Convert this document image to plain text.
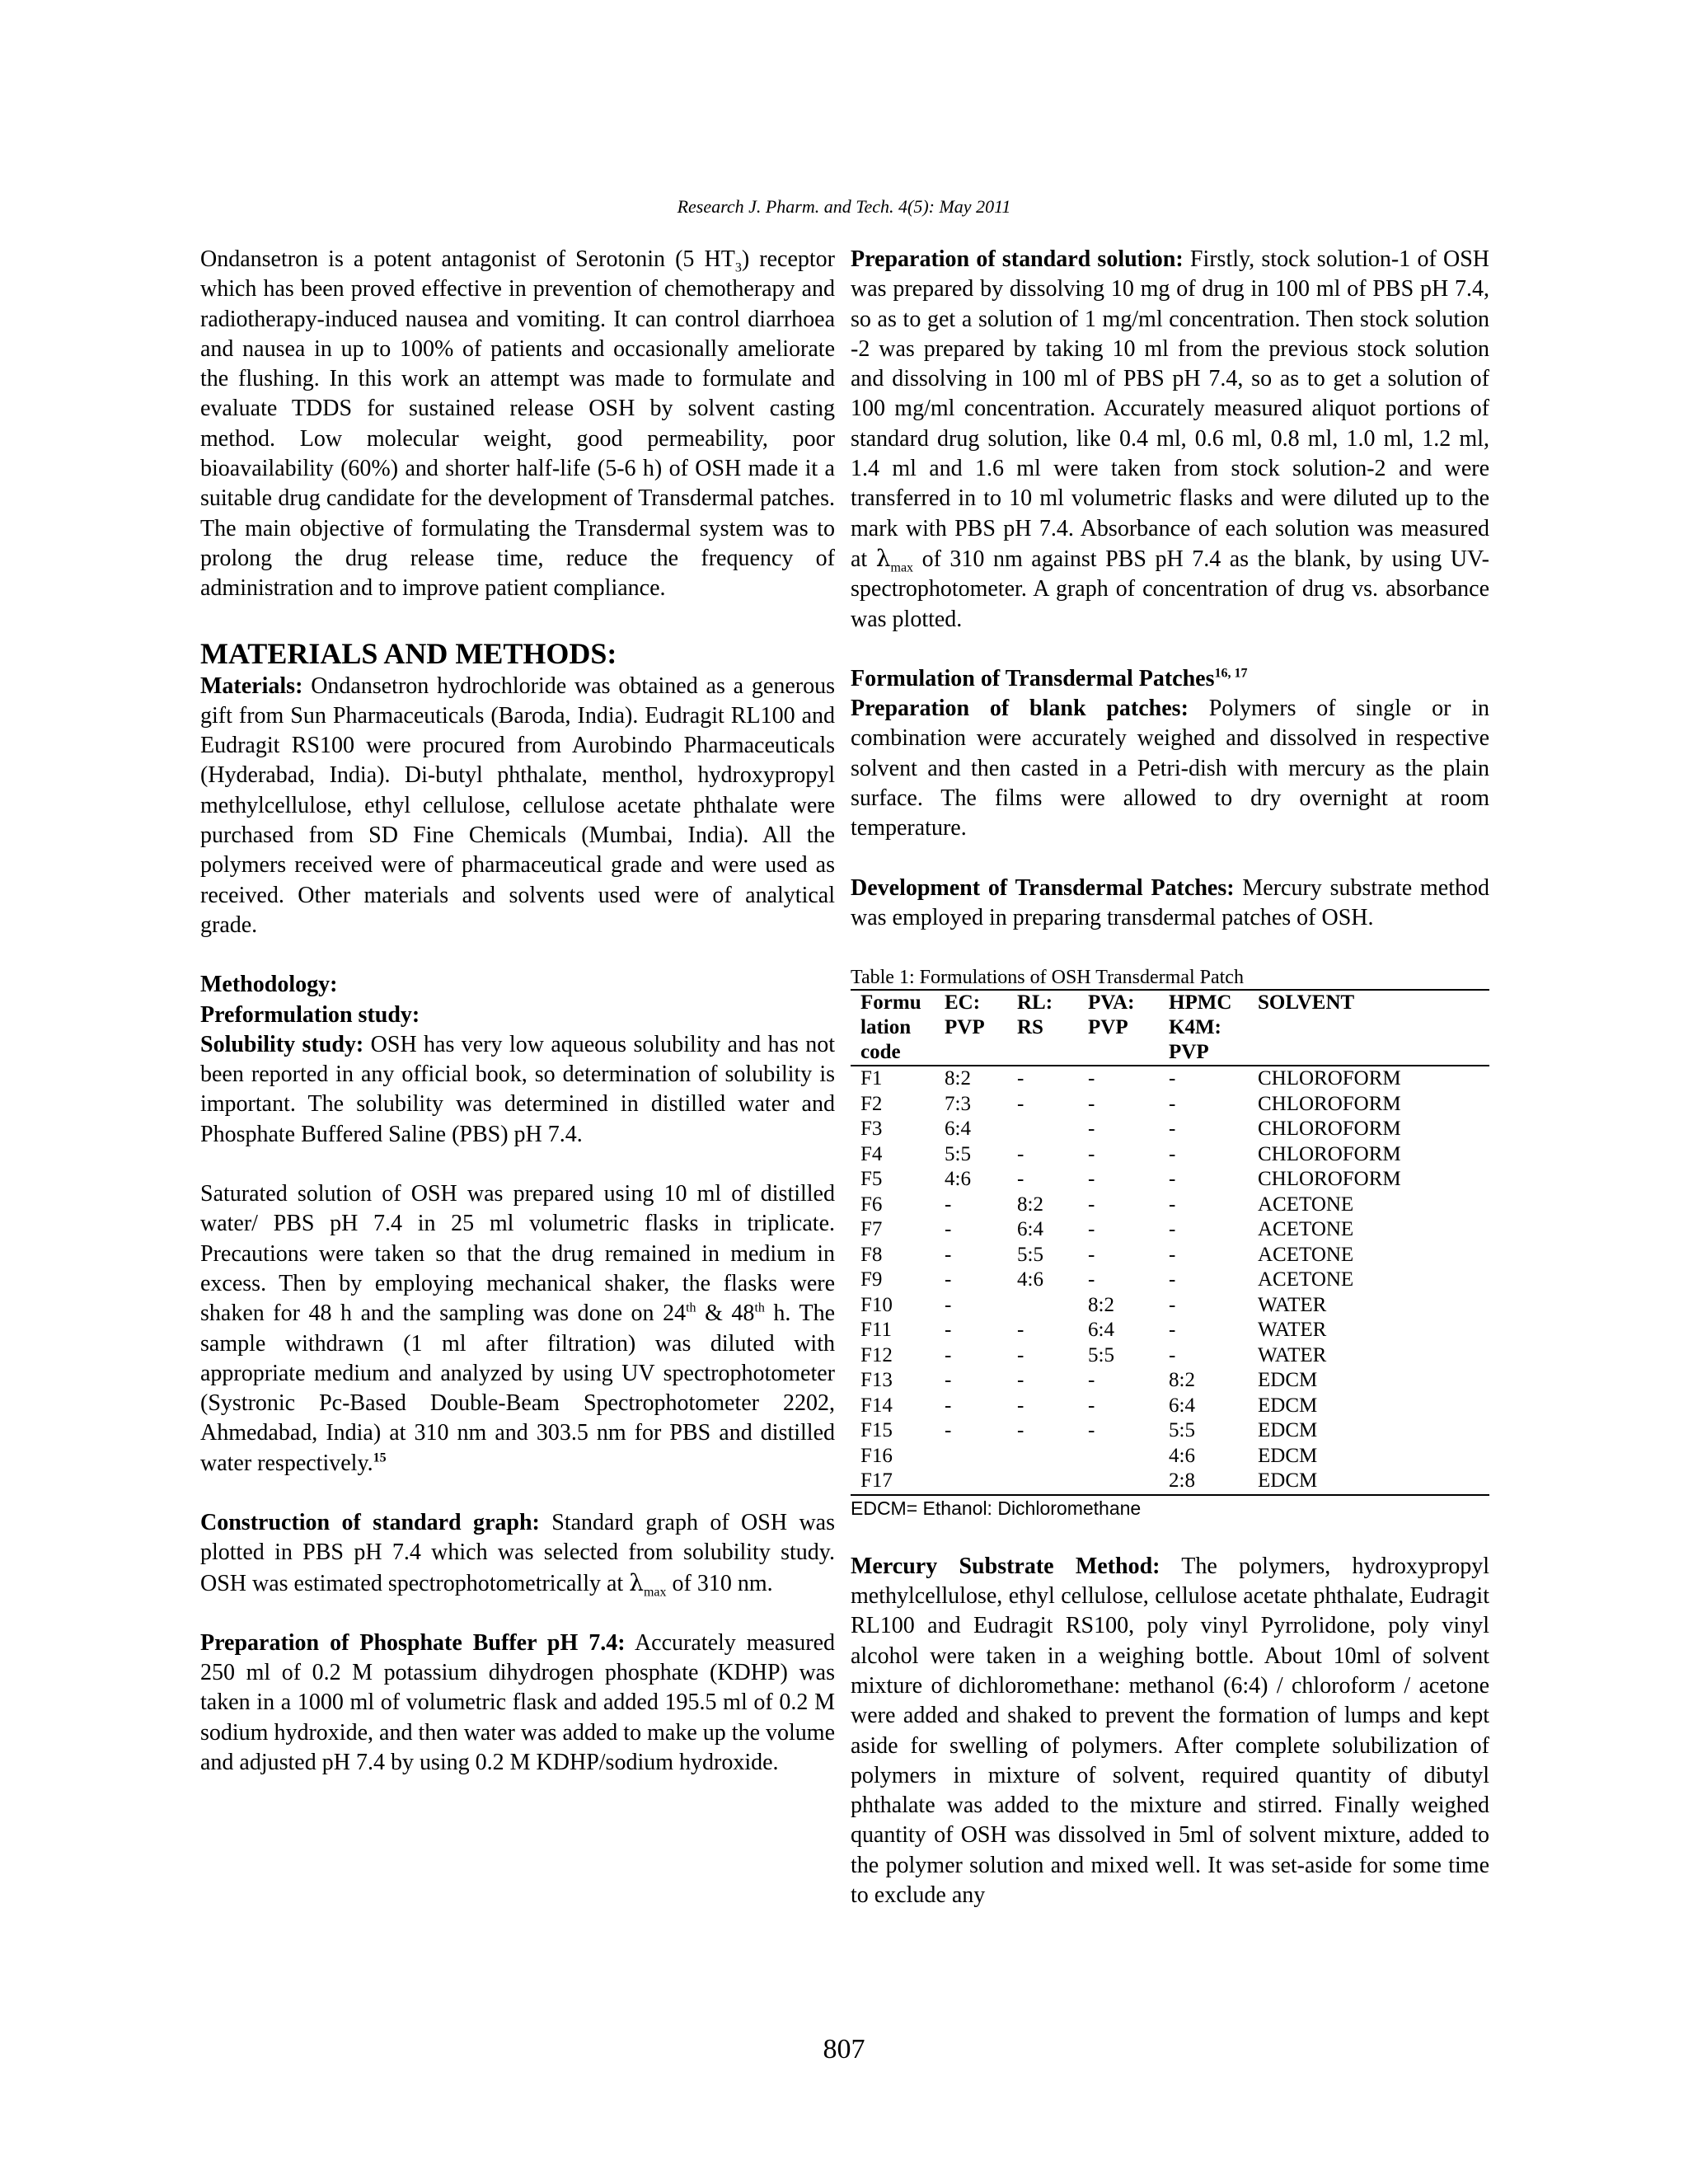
Research J. Pharm. and Tech. 4(5): May 2011

Ondansetron is a potent antagonist of Serotonin (5 $HT_3$) receptor which has been proved effective in prevention of chemotherapy and radiotherapy-induced nausea and vomiting. It can control diarrhoea and nausea in up to 100% of patients and occasionally ameliorate the flushing. In this work an attempt was made to formulate and evaluate TDDS for sustained release OSH by solvent casting method. Low molecular weight, good permeability, poor bioavailability (60%) and shorter half-life (5-6 h) of OSH made it a suitable drug candidate for the development of Transdermal patches. The main objective of formulating the Transdermal system was to prolong the drug release time, reduce the frequency of administration and to improve patient compliance.

MATERIALS AND METHODS:

Materials: Ondansetron hydrochloride was obtained as a generous gift from Sun Pharmaceuticals (Baroda, India). Eudragit RL100 and Eudragit RS100 were procured from Aurobindo Pharmaceuticals (Hyderabad, India). Di-butyl phthalate, menthol, hydroxypropyl methylcellulose, ethyl cellulose, cellulose acetate phthalate were purchased from SD Fine Chemicals (Mumbai, India). All the polymers received were of pharmaceutical grade and were used as received. Other materials and solvents used were of analytical grade.

Methodology:

Preformulation study:

Solubility study: OSH has very low aqueous solubility and has not been reported in any official book, so determination of solubility is important. The solubility was determined in distilled water and Phosphate Buffered Saline (PBS) pH 7.4.

Saturated solution of OSH was prepared using 10 ml of distilled water/ PBS pH 7.4 in 25 ml volumetric flasks in triplicate. Precautions were taken so that the drug remained in medium in excess. Then by employing mechanical shaker, the flasks were shaken for 48 h and the sampling was done on 24th & 48th h. The sample withdrawn (1 ml after filtration) was diluted with appropriate medium and analyzed by using UV spectrophotometer (Systronic Pc-Based Double-Beam Spectrophotometer 2202, Ahmedabad, India) at 310 nm and 303.5 nm for PBS and distilled water respectively.$^{15}$

Construction of standard graph: Standard graph of OSH was plotted in PBS pH 7.4 which was selected from solubility study. OSH was estimated spectrophotometrically at $\lambda_{max}$ of 310 nm.

Preparation of Phosphate Buffer pH 7.4: Accurately measured 250 ml of 0.2 M potassium dihydrogen phosphate (KDHP) was taken in a 1000 ml of volumetric flask and added 195.5 ml of 0.2 M sodium hydroxide, and then water was added to make up the volume and adjusted pH 7.4 by using 0.2 M KDHP/sodium hydroxide.

Preparation of standard solution: Firstly, stock solution-1 of OSH was prepared by dissolving 10 mg of drug in 100 ml of PBS pH 7.4, so as to get a solution of 1 mg/ml concentration. Then stock solution -2 was prepared by taking 10 ml from the previous stock solution and dissolving in 100 ml of PBS pH 7.4, so as to get a solution of 100 mg/ml concentration. Accurately measured aliquot portions of standard drug solution, like 0.4 ml, 0.6 ml, 0.8 ml, 1.0 ml, 1.2 ml, 1.4 ml and 1.6 ml were taken from stock solution-2 and were transferred in to 10 ml volumetric flasks and were diluted up to the mark with PBS pH 7.4. Absorbance of each solution was measured at $\lambda_{max}$ of 310 nm against PBS pH 7.4 as the blank, by using UV-spectrophotometer. A graph of concentration of drug vs. absorbance was plotted.

Formulation of Transdermal Patches$^{16, 17}$

Preparation of blank patches: Polymers of single or in combination were accurately weighed and dissolved in respective solvent and then casted in a Petri-dish with mercury as the plain surface. The films were allowed to dry overnight at room temperature.

Development of Transdermal Patches: Mercury substrate method was employed in preparing transdermal patches of OSH.

Table 1: Formulations of OSH Transdermal Patch

Formu lation code	EC: PVP	RL: RS	PVA: PVP	HPMC K4M: PVP	SOLVENT
F1	8:2	-	-	-	CHLOROFORM
F2	7:3	-	-	-	CHLOROFORM
F3	6:4		-	-	CHLOROFORM
F4	5:5	-	-	-	CHLOROFORM
F5	4:6	-	-	-	CHLOROFORM
F6	-	8:2	-	-	ACETONE
F7	-	6:4	-	-	ACETONE
F8	-	5:5	-	-	ACETONE
F9	-	4:6	-	-	ACETONE
F10	-		8:2	-	WATER
F11	-	-	6:4	-	WATER
F12	-	-	5:5	-	WATER
F13	-	-	-	8:2	EDCM
F14	-	-	-	6:4	EDCM
F15	-	-	-	5:5	EDCM
F16				4:6	EDCM
F17				2:8	EDCM

EDCM= Ethanol: Dichloromethane

Mercury Substrate Method: The polymers, hydroxypropyl methylcellulose, ethyl cellulose, cellulose acetate phthalate, Eudragit RL100 and Eudragit RS100, poly vinyl Pyrrolidone, poly vinyl alcohol were taken in a weighing bottle. About 10ml of solvent mixture of dichloromethane: methanol (6:4) / chloroform / acetone were added and shaked to prevent the formation of lumps and kept aside for swelling of polymers. After complete solubilization of polymers in mixture of solvent, required quantity of dibutyl phthalate was added to the mixture and stirred. Finally weighed quantity of OSH was dissolved in 5ml of solvent mixture, added to the polymer solution and mixed well. It was set-aside for some time to exclude any

807
